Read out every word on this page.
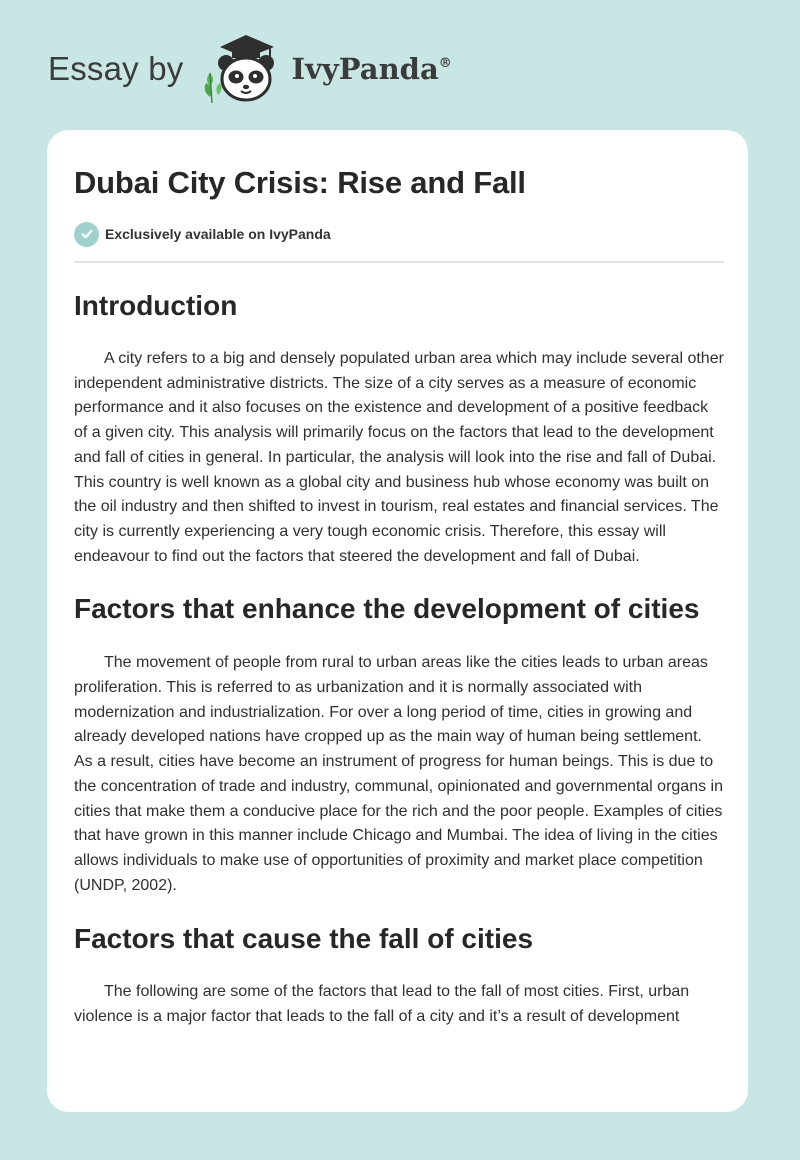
Essay by	IvyPanda®
Dubai City Crisis: Rise and Fall
Exclusively available on IvyPanda
Introduction

A city refers to a big and densely populated urban area which may include several other independent administrative districts. The size of a city serves as a measure of economic performance and it also focuses on the existence and development of a positive feedback of a given city. This analysis will primarily focus on the factors that lead to the development and fall of cities in general. In particular, the analysis will look into the rise and fall of Dubai. This country is well known as a global city and business hub whose economy was built on the oil industry and then shifted to invest in tourism, real estates and financial services. The city is currently experiencing a very tough economic crisis. Therefore, this essay will endeavour to find out the factors that steered the development and fall of Dubai.

Factors that enhance the development of cities

The movement of people from rural to urban areas like the cities leads to urban areas proliferation. This is referred to as urbanization and it is normally associated with modernization and industrialization. For over a long period of time, cities in growing and already developed nations have cropped up as the main way of human being settlement. As a result, cities have become an instrument of progress for human beings. This is due to the concentration of trade and industry, communal, opinionated and governmental organs in cities that make them a conducive place for the rich and the poor people. Examples of cities that have grown in this manner include Chicago and Mumbai. The idea of living in the cities allows individuals to make use of opportunities of proximity and market place competition (UNDP, 2002).

Factors that cause the fall of cities

The following are some of the factors that lead to the fall of most cities. First, urban violence is a major factor that leads to the fall of a city and it’s a result of development
